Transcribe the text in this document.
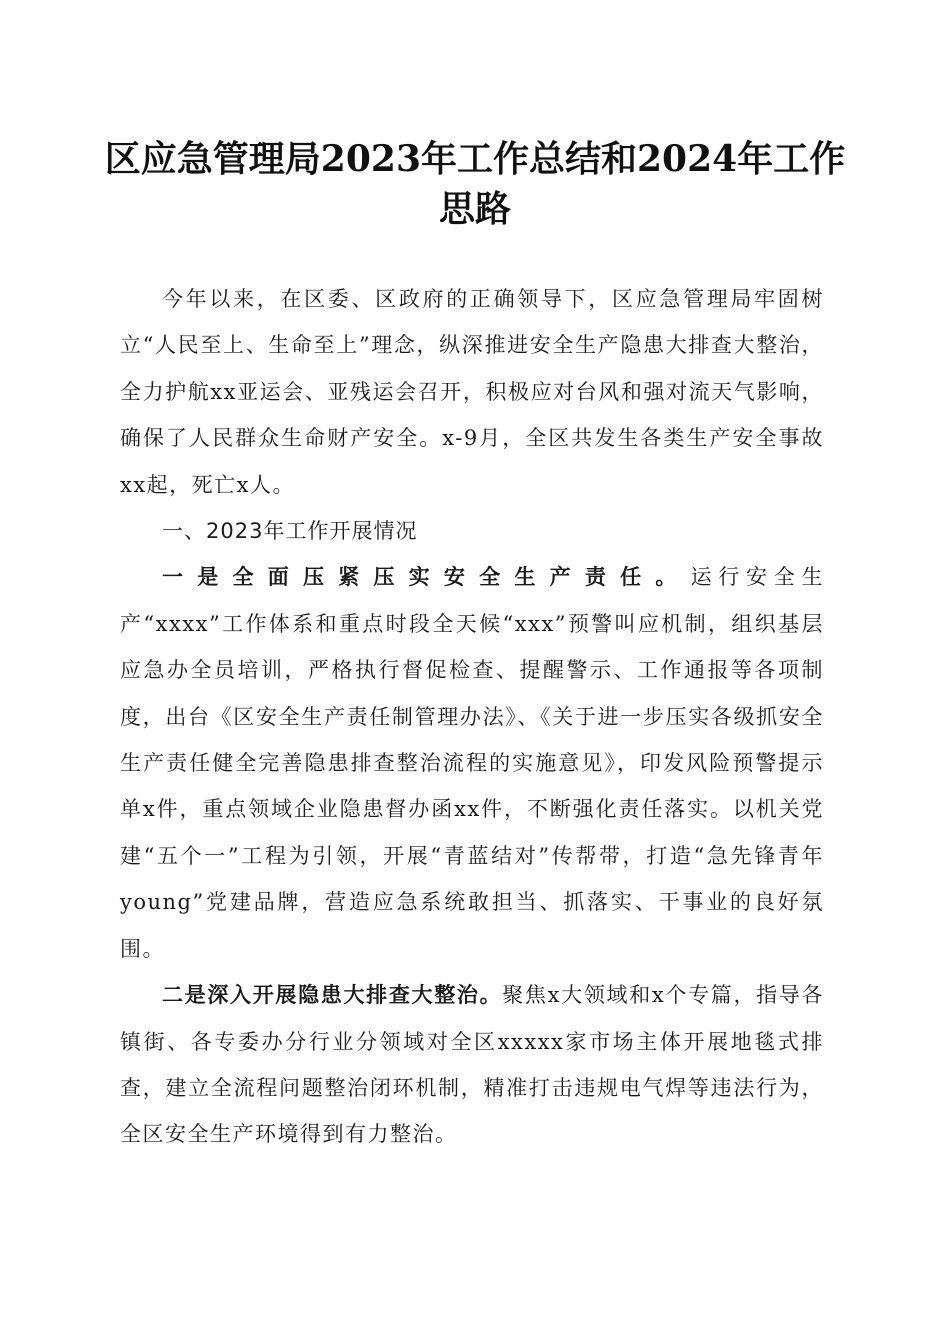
区应急管理局2023年工作总结和2024年工作思路

今年以来，在区委、区政府的正确领导下，区应急管理局牢固树立“人民至上、生命至上”理念，纵深推进安全生产隐患大排查大整治，全力护航xx亚运会、亚残运会召开，积极应对台风和强对流天气影响，确保了人民群众生命财产安全。x-9月，全区共发生各类生产安全事故xx起，死亡x人。

一、2023年工作开展情况

一是全面压紧压实安全生产责任。运行安全生产“xxxx”工作体系和重点时段全天候“xxx”预警叫应机制，组织基层应急办全员培训，严格执行督促检查、提醒警示、工作通报等各项制度，出台《区安全生产责任制管理办法》、《关于进一步压实各级抓安全生产责任健全完善隐患排查整治流程的实施意见》，印发风险预警提示单x件，重点领域企业隐患督办函xx件，不断强化责任落实。以机关党建“五个一”工程为引领，开展“青蓝结对”传帮带，打造“急先锋青年young”党建品牌，营造应急系统敢担当、抓落实、干事业的良好氛围。

二是深入开展隐患大排查大整治。聚焦x大领域和x个专篇，指导各镇街、各专委办分行业分领域对全区xxxxx家市场主体开展地毯式排查，建立全流程问题整治闭环机制，精准打击违规电气焊等违法行为，全区安全生产环境得到有力整治。
